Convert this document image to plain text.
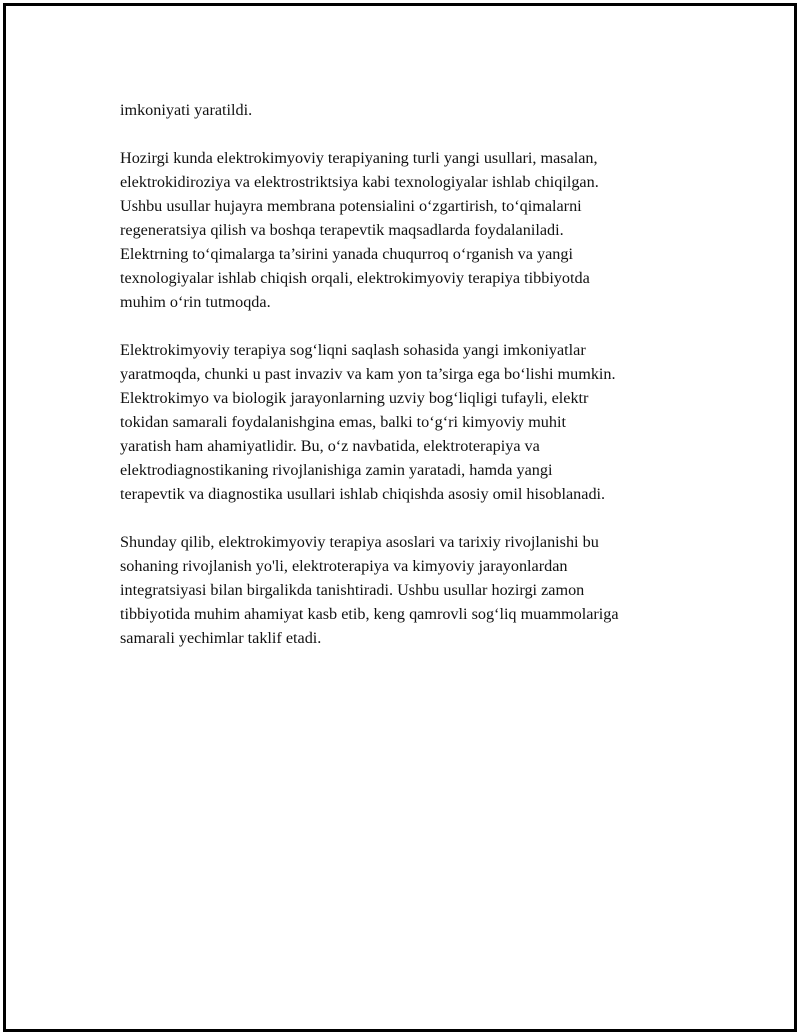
imkoniyati yaratildi.

Hozirgi kunda elektrokimyoviy terapiyaning turli yangi usullari, masalan,
elektrokidiroziya va elektrostriktsiya kabi texnologiyalar ishlab chiqilgan.
Ushbu usullar hujayra membrana potensialini o‘zgartirish, to‘qimalarni
regeneratsiya qilish va boshqa terapevtik maqsadlarda foydalaniladi.
Elektrning to‘qimalarga ta’sirini yanada chuqurroq o‘rganish va yangi
texnologiyalar ishlab chiqish orqali, elektrokimyoviy terapiya tibbiyotda
muhim o‘rin tutmoqda.

Elektrokimyoviy terapiya sog‘liqni saqlash sohasida yangi imkoniyatlar
yaratmoqda, chunki u past invaziv va kam yon ta’sirga ega bo‘lishi mumkin.
Elektrokimyo va biologik jarayonlarning uzviy bog‘liqligi tufayli, elektr
tokidan samarali foydalanishgina emas, balki to‘g‘ri kimyoviy muhit
yaratish ham ahamiyatlidir. Bu, o‘z navbatida, elektroterapiya va
elektrodiagnostikaning rivojlanishiga zamin yaratadi, hamda yangi
terapevtik va diagnostika usullari ishlab chiqishda asosiy omil hisoblanadi.

Shunday qilib, elektrokimyoviy terapiya asoslari va tarixiy rivojlanishi bu
sohaning rivojlanish yo'li, elektroterapiya va kimyoviy jarayonlardan
integratsiyasi bilan birgalikda tanishtiradi. Ushbu usullar hozirgi zamon
tibbiyotida muhim ahamiyat kasb etib, keng qamrovli sog‘liq muammolariga
samarali yechimlar taklif etadi.
